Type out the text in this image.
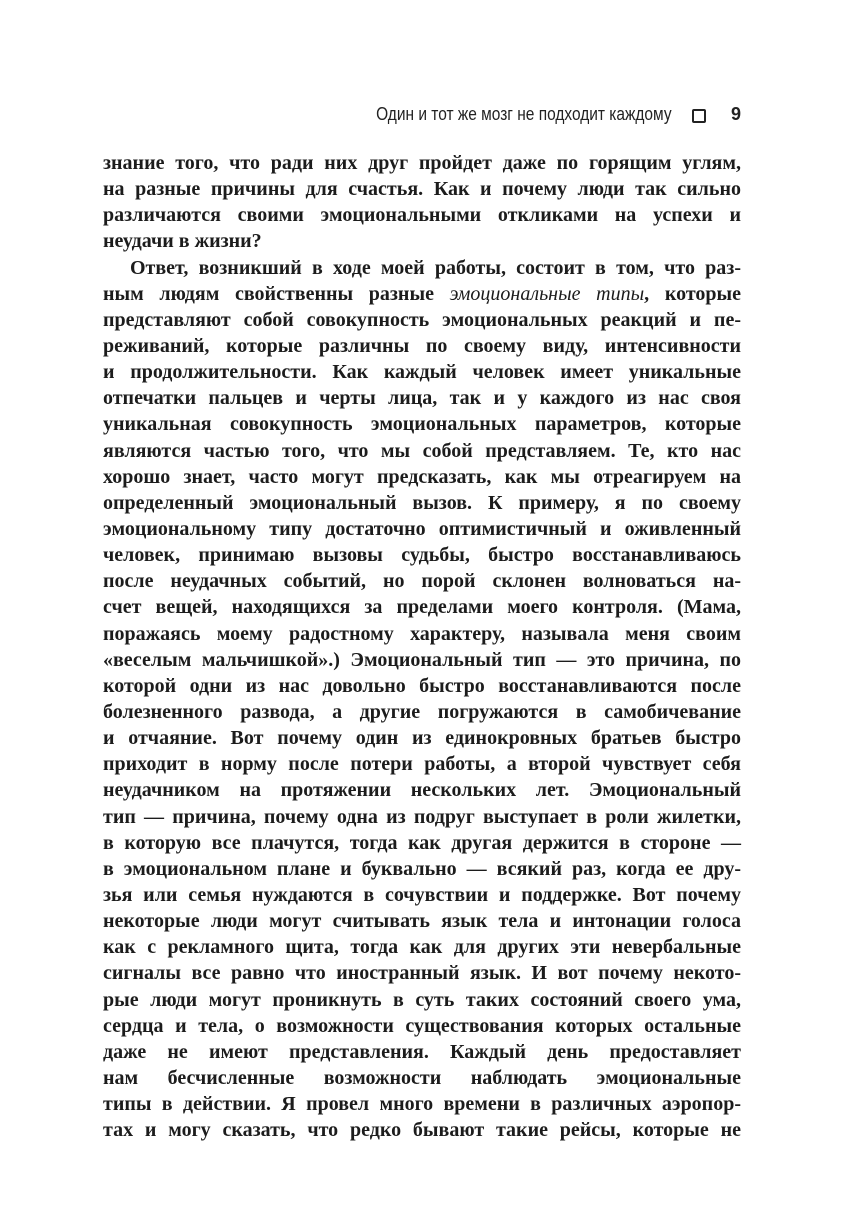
Один и тот же мозг не подходит каждому	9
знание того, что ради них друг пройдет даже по горящим углям,
на разные причины для счастья. Как и почему люди так сильно
различаются своими эмоциональными откликами на успехи и
неудачи в жизни?
Ответ, возникший в ходе моей работы, состоит в том, что раз-
ным людям свойственны разные эмоциональные типы, которые
представляют собой совокупность эмоциональных реакций и пе-
реживаний, которые различны по своему виду, интенсивности
и продолжительности. Как каждый человек имеет уникальные
отпечатки пальцев и черты лица, так и у каждого из нас своя
уникальная совокупность эмоциональных параметров, которые
являются частью того, что мы собой представляем. Те, кто нас
хорошо знает, часто могут предсказать, как мы отреагируем на
определенный эмоциональный вызов. К примеру, я по своему
эмоциональному типу достаточно оптимистичный и оживленный
человек, принимаю вызовы судьбы, быстро восстанавливаюсь
после неудачных событий, но порой склонен волноваться на-
счет вещей, находящихся за пределами моего контроля. (Мама,
поражаясь моему радостному характеру, называла меня своим
«веселым мальчишкой».) Эмоциональный тип — это причина, по
которой одни из нас довольно быстро восстанавливаются после
болезненного развода, а другие погружаются в самобичевание
и отчаяние. Вот почему один из единокровных братьев быстро
приходит в норму после потери работы, а второй чувствует себя
неудачником на протяжении нескольких лет. Эмоциональный
тип — причина, почему одна из подруг выступает в роли жилетки,
в которую все плачутся, тогда как другая держится в стороне —
в эмоциональном плане и буквально — всякий раз, когда ее дру-
зья или семья нуждаются в сочувствии и поддержке. Вот почему
некоторые люди могут считывать язык тела и интонации голоса
как с рекламного щита, тогда как для других эти невербальные
сигналы все равно что иностранный язык. И вот почему некото-
рые люди могут проникнуть в суть таких состояний своего ума,
сердца и тела, о возможности существования которых остальные
даже не имеют представления. Каждый день предоставляет
нам бесчисленные возможности наблюдать эмоциональные
типы в действии. Я провел много времени в различных аэропор-
тах и могу сказать, что редко бывают такие рейсы, которые не
